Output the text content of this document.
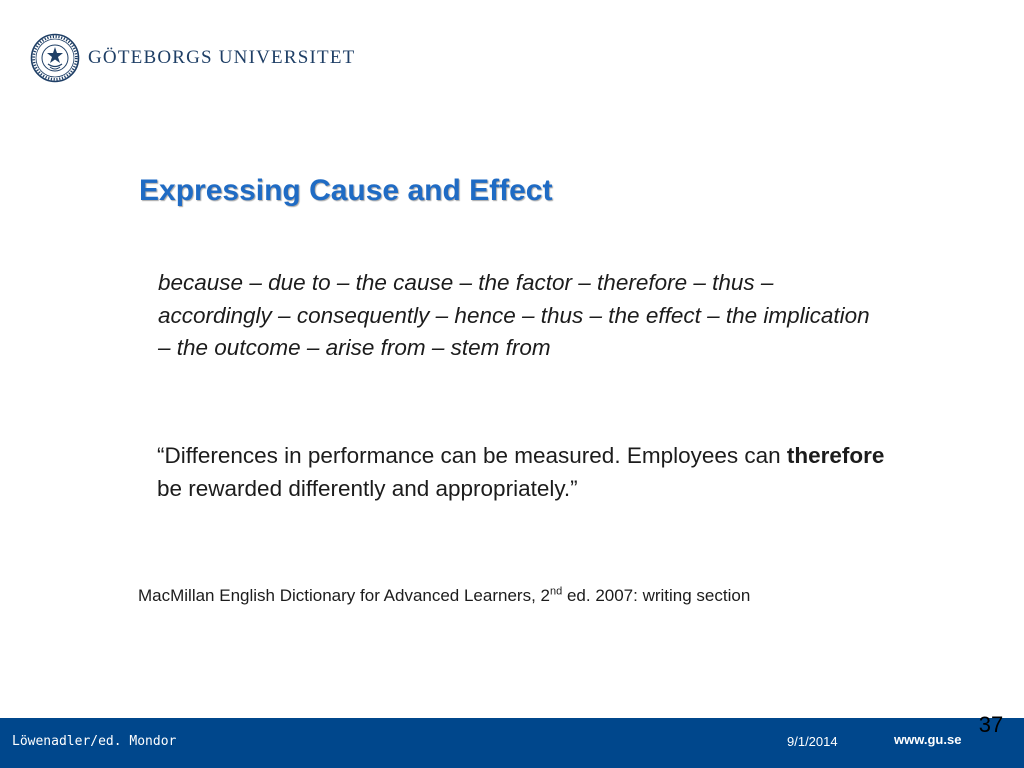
GÖTEBORGS UNIVERSITET
Expressing Cause and Effect
because – due to – the cause – the factor – therefore – thus – accordingly – consequently – hence – thus – the effect – the implication – the outcome – arise from – stem from
“Differences in performance can be measured. Employees can therefore be rewarded differently and appropriately.”
MacMillan English Dictionary for Advanced Learners, 2nd ed. 2007: writing section
Löwenadler/ed. Mondor	9/1/2014	www.gu.se
37
